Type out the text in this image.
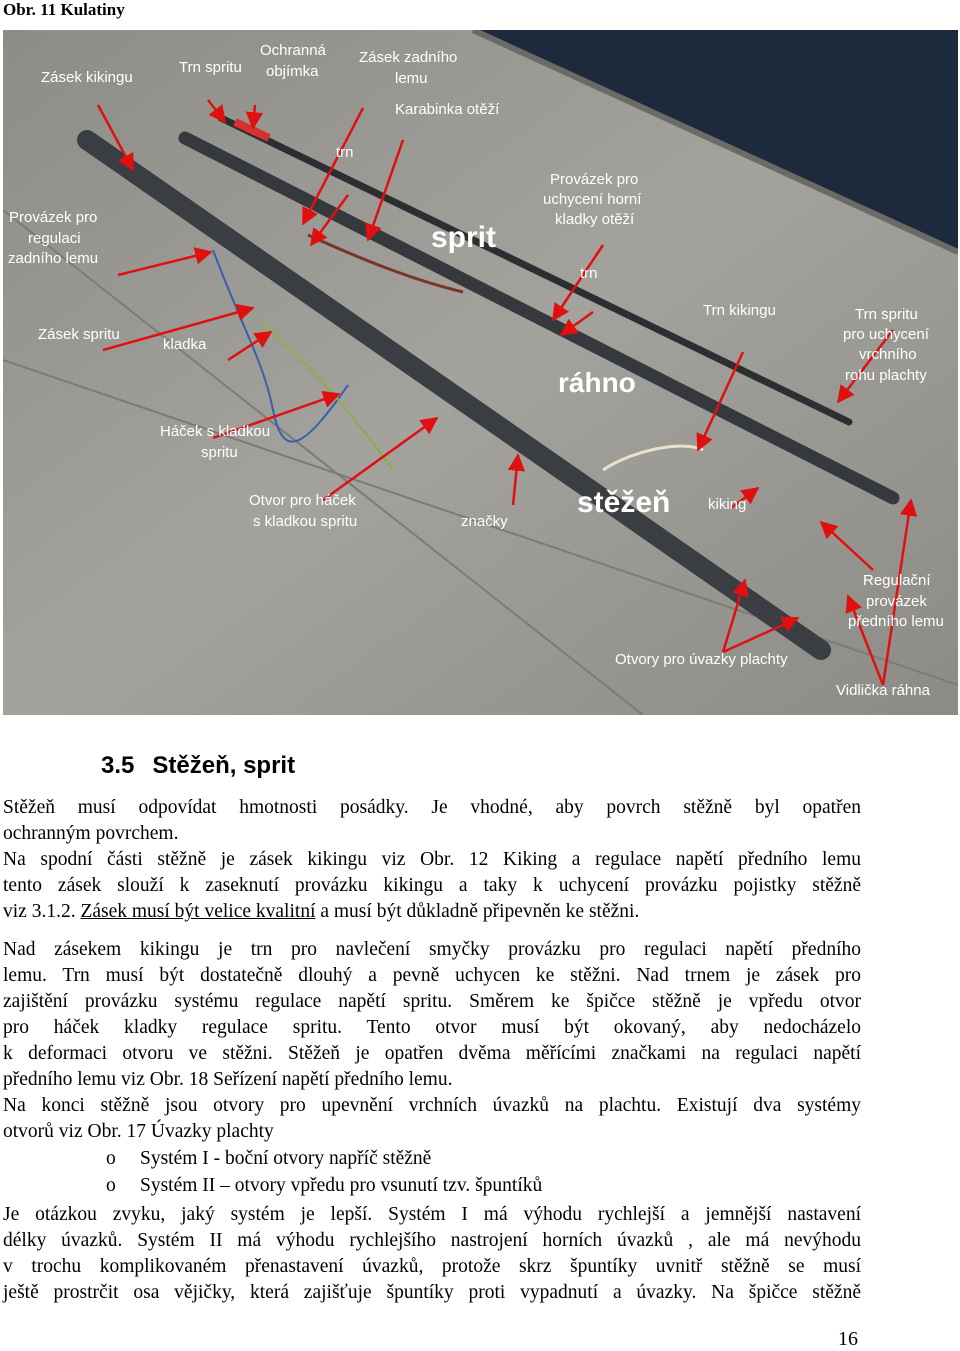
Obr. 11 Kulatiny
Zásek kikingu
Trn spritu
Ochranná
objímka
Zásek zadního
lemu
Karabinka otěží
trn
Provázek pro
regulaci
zadního lemu
Provázek pro
uchycení horní
kladky otěží
trn
Zásek spritu
kladka
Trn kikingu	Trn spritu
pro uchycení
vrchního
rohu plachty
Háček s kladkou
spritu
Otvor pro háček
s kladkou spritu	značky
kiking
Regulační
provázek
předního lemu
Otvory pro úvazky plachty
Vidlička ráhna
sprit
ráhno
stěžeň
3.5 Stěžeň, sprit
Stěžeň musí odpovídat hmotnosti posádky. Je vhodné, aby povrch stěžně byl opatřen
ochranným povrchem.
Na spodní části stěžně je zásek kikingu viz Obr. 12 Kiking a regulace napětí předního lemu
tento zásek slouží k zaseknutí provázku kikingu a taky k uchycení provázku pojistky stěžně
viz 3.1.2. Zásek musí být velice kvalitní a musí být důkladně připevněn ke stěžni.
Nad zásekem kikingu je trn pro navlečení smyčky provázku pro regulaci napětí předního
lemu. Trn musí být dostatečně dlouhý a pevně uchycen ke stěžni. Nad trnem je zásek pro
zajištění provázku systému regulace napětí spritu. Směrem ke špičce stěžně je vpředu otvor
pro háček kladky regulace spritu. Tento otvor musí být okovaný, aby nedocházelo
k deformaci otvoru ve stěžni. Stěžeň je opatřen dvěma měřícími značkami na regulaci napětí
předního lemu viz Obr. 18 Seřízení napětí předního lemu.
Na konci stěžně jsou otvory pro upevnění vrchních úvazků na plachtu. Existují dva systémy
otvorů viz Obr. 17 Úvazky plachty
o Systém I - boční otvory napříč stěžně
o Systém II – otvory vpředu pro vsunutí tzv. špuntíků
Je otázkou zvyku, jaký systém je lepší. Systém I má výhodu rychlejší a jemnější nastavení
délky úvazků. Systém II má výhodu rychlejšího nastrojení horních úvazků , ale má nevýhodu
v trochu komplikovaném přenastavení úvazků, protože skrz špuntíky uvnitř stěžně se musí
ještě prostrčit osa vějičky, která zajišťuje špuntíky proti vypadnutí a úvazky. Na špičce stěžně
16
